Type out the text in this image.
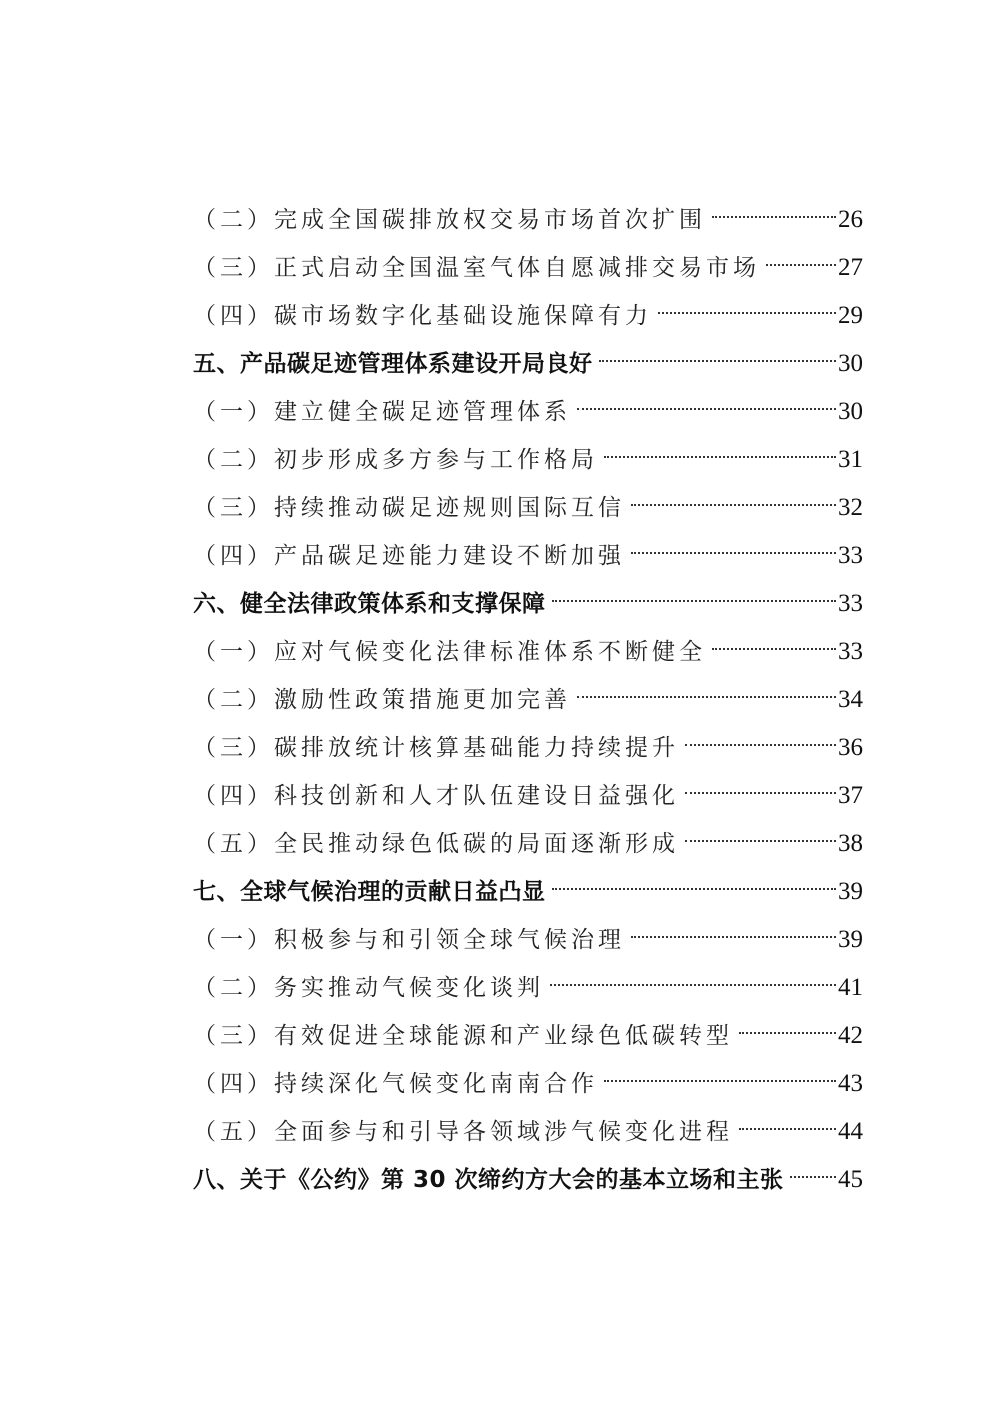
（二）完成全国碳排放权交易市场首次扩围	26
（三）正式启动全国温室气体自愿减排交易市场	27
（四）碳市场数字化基础设施保障有力	29
五、产品碳足迹管理体系建设开局良好	30
（一）建立健全碳足迹管理体系	30
（二）初步形成多方参与工作格局	31
（三）持续推动碳足迹规则国际互信	32
（四）产品碳足迹能力建设不断加强	33
六、健全法律政策体系和支撑保障	33
（一）应对气候变化法律标准体系不断健全	33
（二）激励性政策措施更加完善	34
（三）碳排放统计核算基础能力持续提升	36
（四）科技创新和人才队伍建设日益强化	37
（五）全民推动绿色低碳的局面逐渐形成	38
七、全球气候治理的贡献日益凸显	39
（一）积极参与和引领全球气候治理	39
（二）务实推动气候变化谈判	41
（三）有效促进全球能源和产业绿色低碳转型	42
（四）持续深化气候变化南南合作	43
（五）全面参与和引导各领域涉气候变化进程	44
八、关于《公约》第 30 次缔约方大会的基本立场和主张 45
